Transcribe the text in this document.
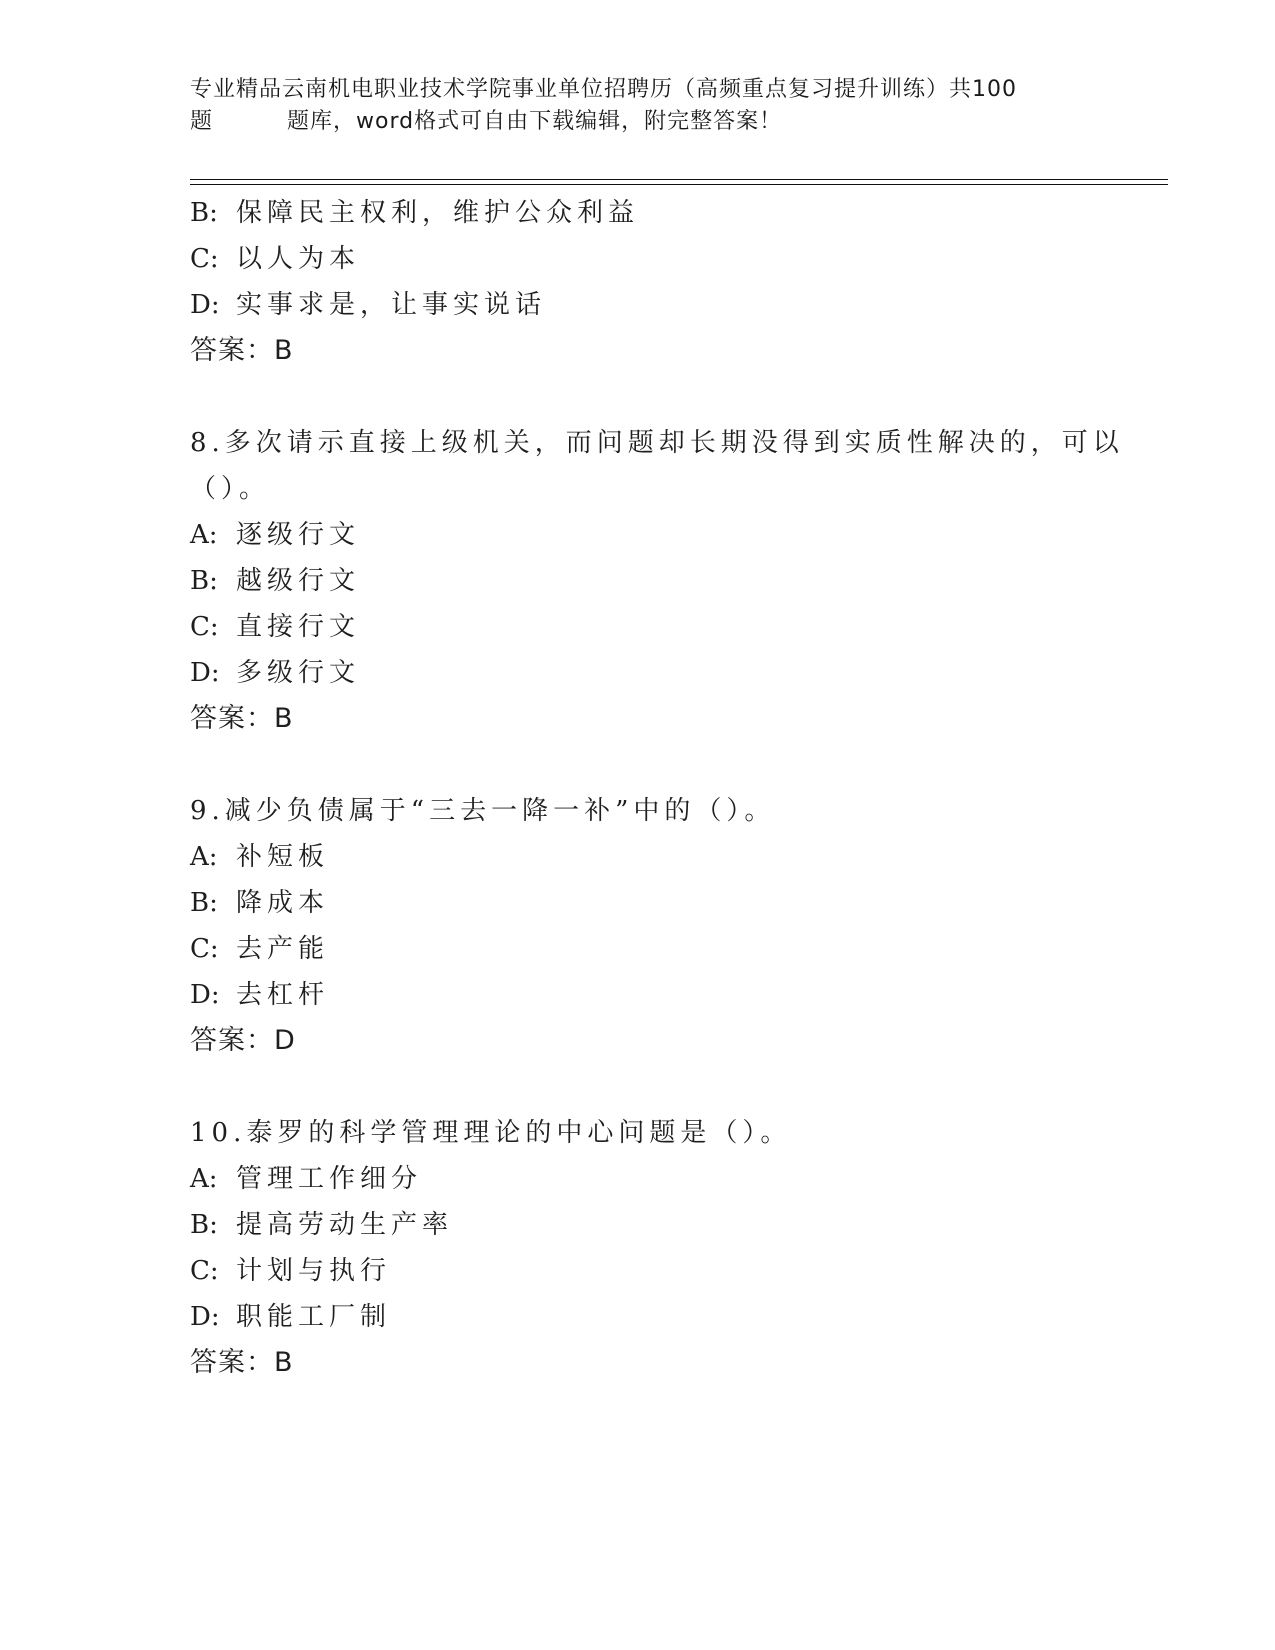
专业精品云南机电职业技术学院事业单位招聘历（高频重点复习提升训练）共100
题	题库，word格式可自由下载编辑，附完整答案！
B: 保障民主权利，维护公众利益
C: 以人为本
D: 实事求是，让事实说话
答案：B
8.多次请示直接上级机关，而问题却长期没得到实质性解决的，可以
（）。
A: 逐级行文
B: 越级行文
C: 直接行文
D: 多级行文
答案：B
9.减少负债属于“三去一降一补”中的（）。
A: 补短板
B: 降成本
C: 去产能
D: 去杠杆
答案：D
10.泰罗的科学管理理论的中心问题是（）。
A: 管理工作细分
B: 提高劳动生产率
C: 计划与执行
D: 职能工厂制
答案：B
